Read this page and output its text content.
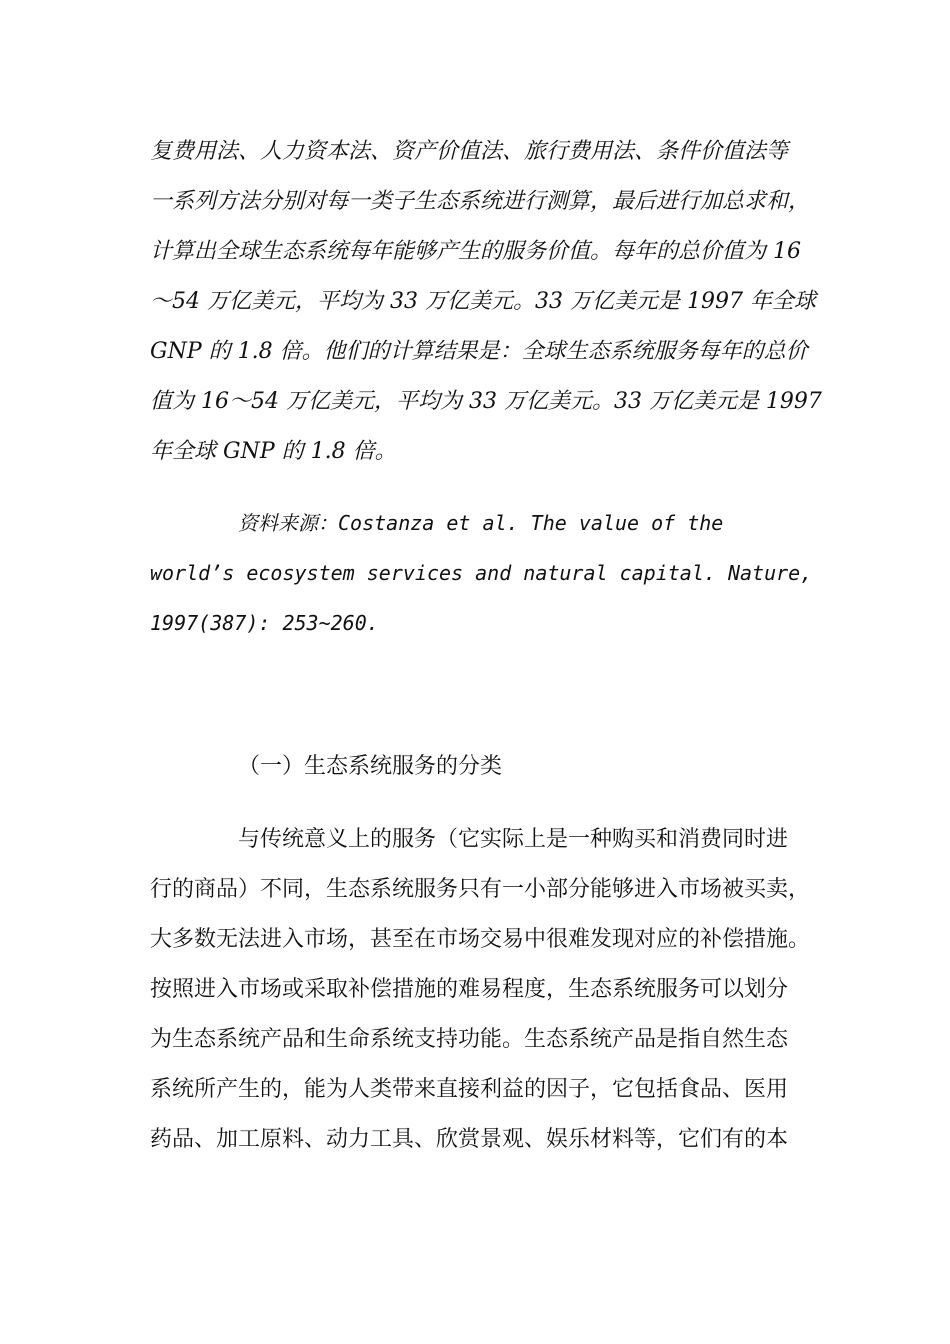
复费用法、人力资本法、资产价值法、旅行费用法、条件价值法等
一系列方法分别对每一类子生态系统进行测算，最后进行加总求和，
计算出全球生态系统每年能够产生的服务价值。每年的总价值为 16
～54 万亿美元，平均为 33 万亿美元。33 万亿美元是 1997 年全球
GNP 的 1.8 倍。他们的计算结果是：全球生态系统服务每年的总价
值为 16～54 万亿美元，平均为 33 万亿美元。33 万亿美元是 1997
年全球 GNP 的 1.8 倍。
资料来源：Costanza et al. The value of the
world’s ecosystem services and natural capital. Nature,
1997(387): 253~260.
（一）生态系统服务的分类
与传统意义上的服务（它实际上是一种购买和消费同时进
行的商品）不同，生态系统服务只有一小部分能够进入市场被买卖，
大多数无法进入市场，甚至在市场交易中很难发现对应的补偿措施。
按照进入市场或采取补偿措施的难易程度，生态系统服务可以划分
为生态系统产品和生命系统支持功能。生态系统产品是指自然生态
系统所产生的，能为人类带来直接利益的因子，它包括食品、医用
药品、加工原料、动力工具、欣赏景观、娱乐材料等，它们有的本
